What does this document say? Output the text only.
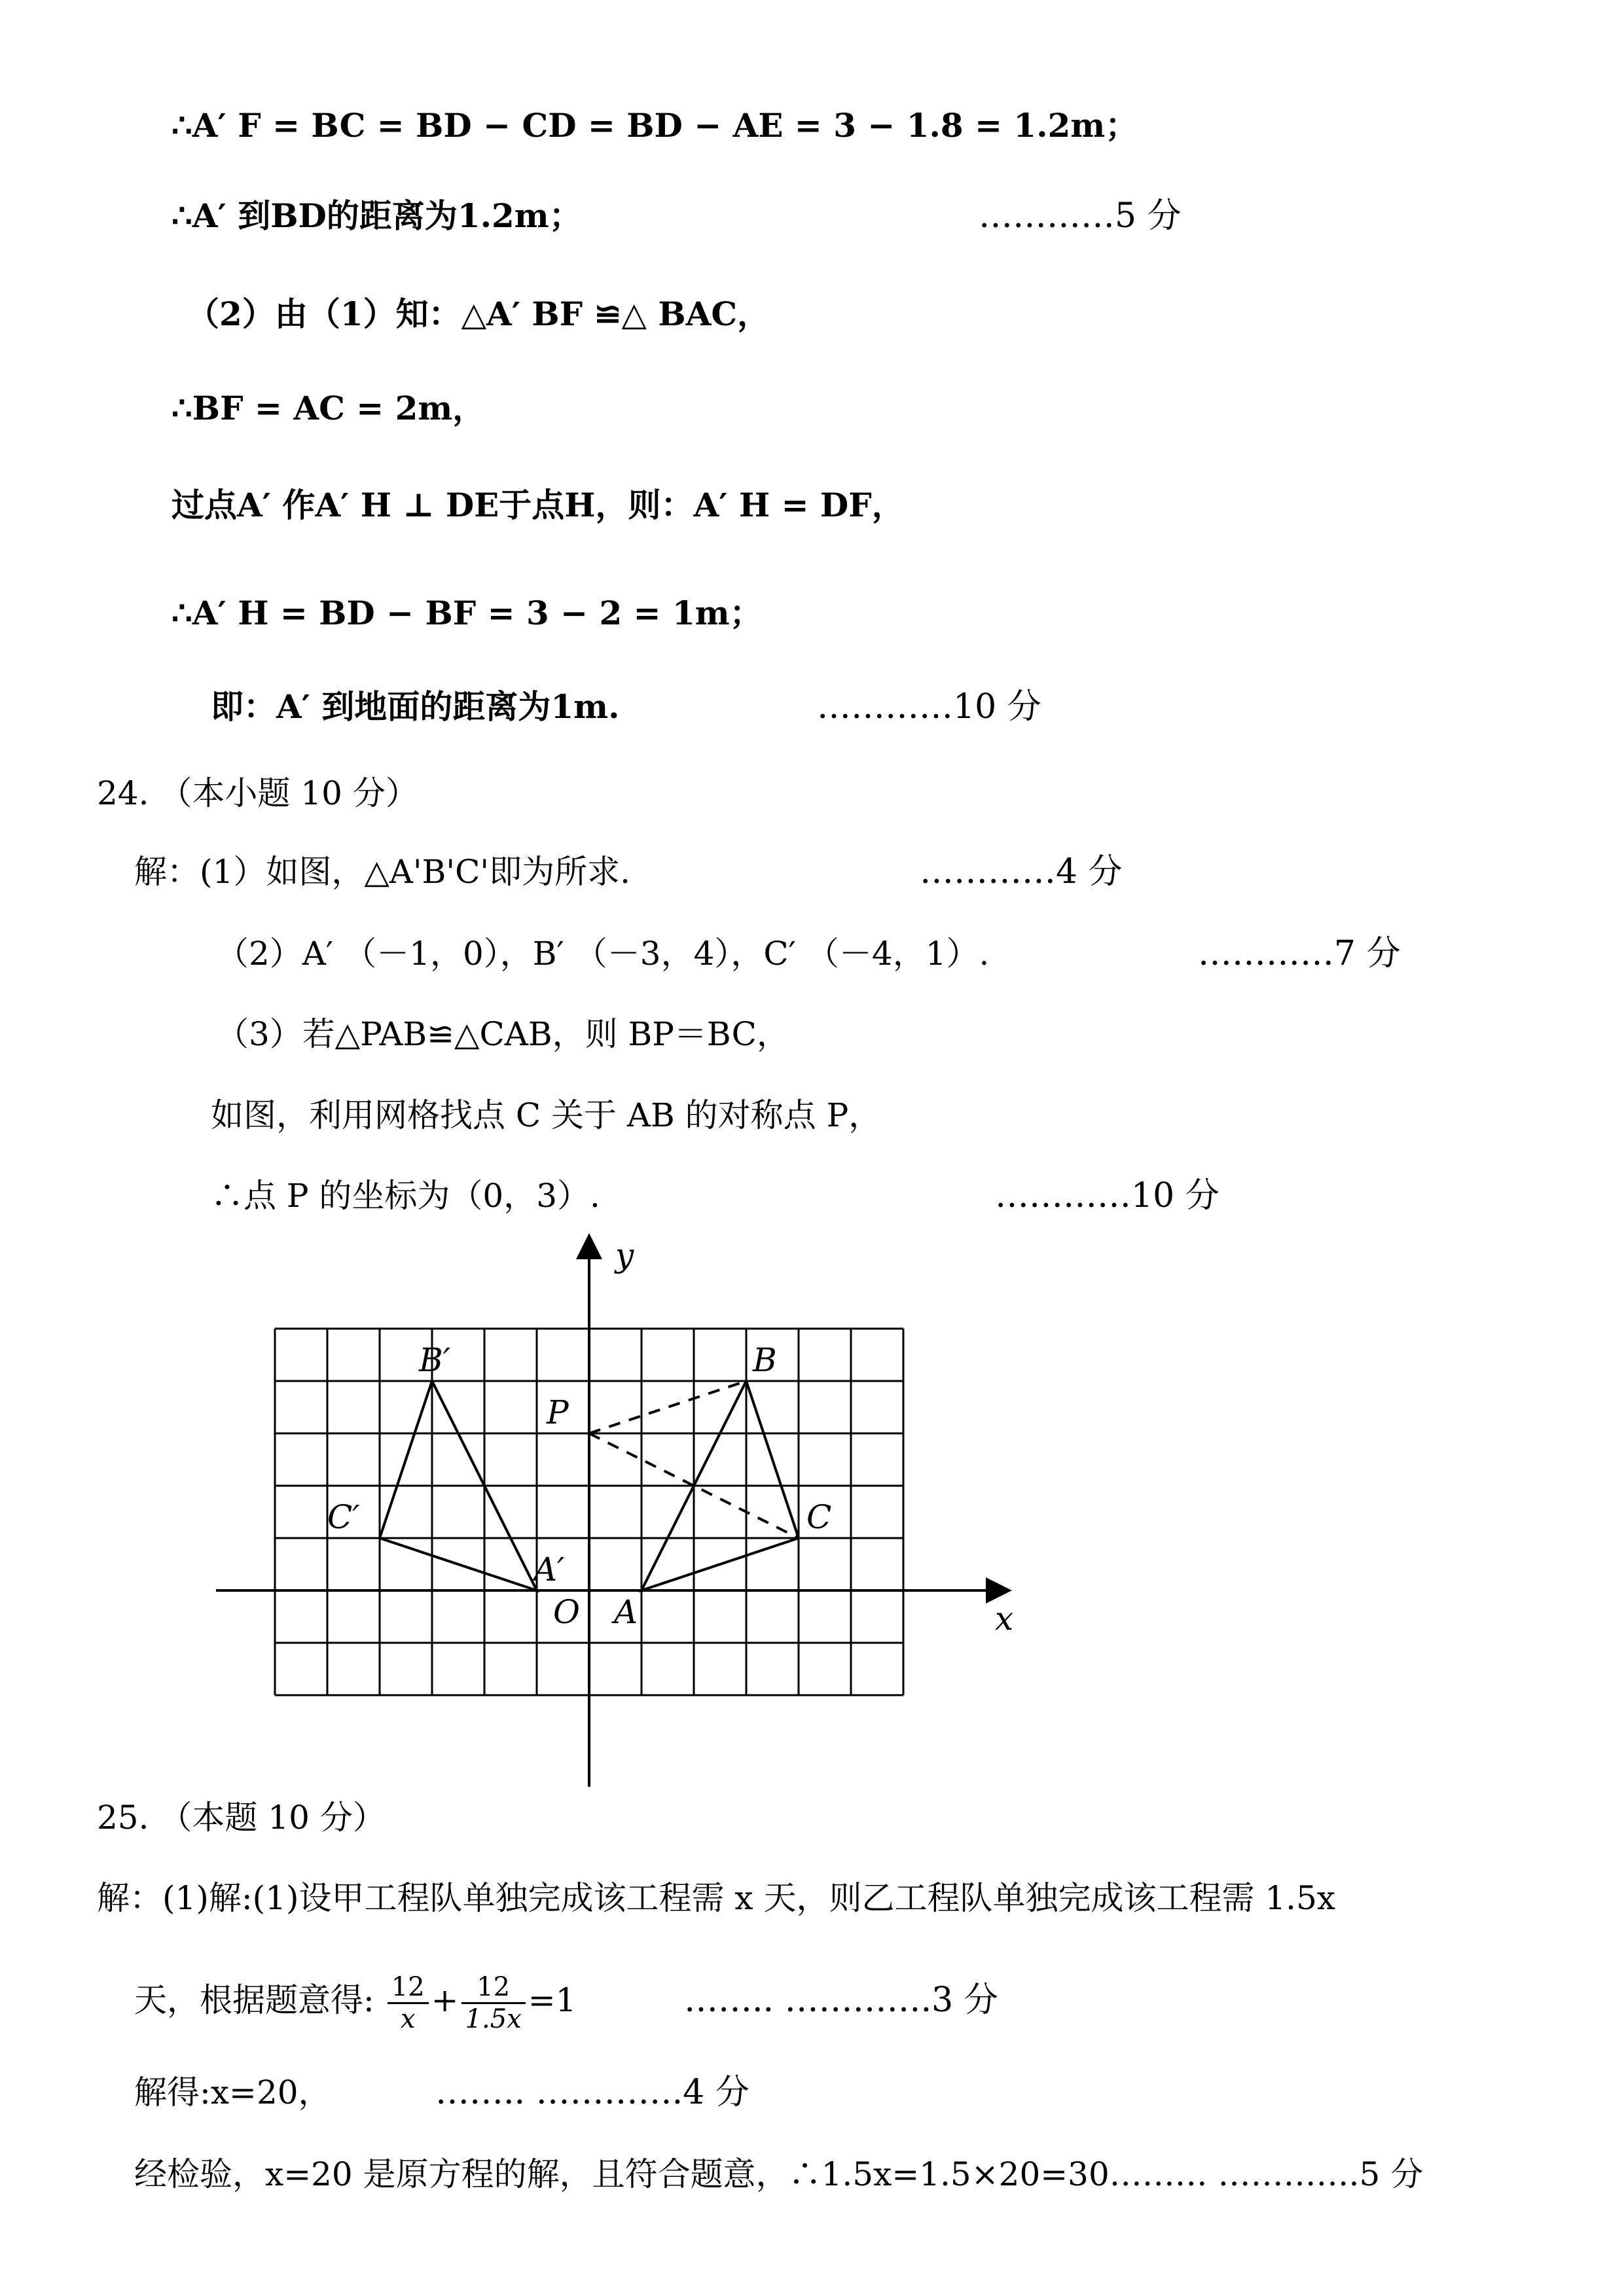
∴A′ F = BC = BD − CD = BD − AE = 3 − 1.8 = 1.2m；
∴A′ 到BD的距离为1.2m；	…………5 分
（2）由（1）知：△A′ BF ≌△ BAC，
∴BF = AC = 2m，
过点A′ 作A′ H ⊥ DE于点H，则：A′ H = DF，
∴A′ H = BD − BF = 3 − 2 = 1m；
即：A′ 到地面的距离为1m.	…………10 分
24. （本小题 10 分）
解：(1）如图，△A'B'C'即为所求.	…………4 分
（2）A′ （－1，0），B′ （－3，4），C′ （－4，1）.	…………7 分
（3）若△PAB≌△CAB，则 BP＝BC，
如图，利用网格找点 C 关于 AB 的对称点 P，
∴点 P 的坐标为（0，3）.	…………10 分
A
B
C
A′
B′
C′
P
x
y
O
25. （本题 10 分）
解：(1)解:(1)设甲工程队单独完成该工程需 x 天，则乙工程队单独完成该工程需 1.5x
天，根据题意得: $\frac{12}{x} + \frac{12}{1.5x} =1$	…….. ………….3 分
解得:x=20，	…….. ………….4 分
经检验，x=20 是原方程的解，且符合题意，∴1.5x=1.5×20=30……… ………….5 分
